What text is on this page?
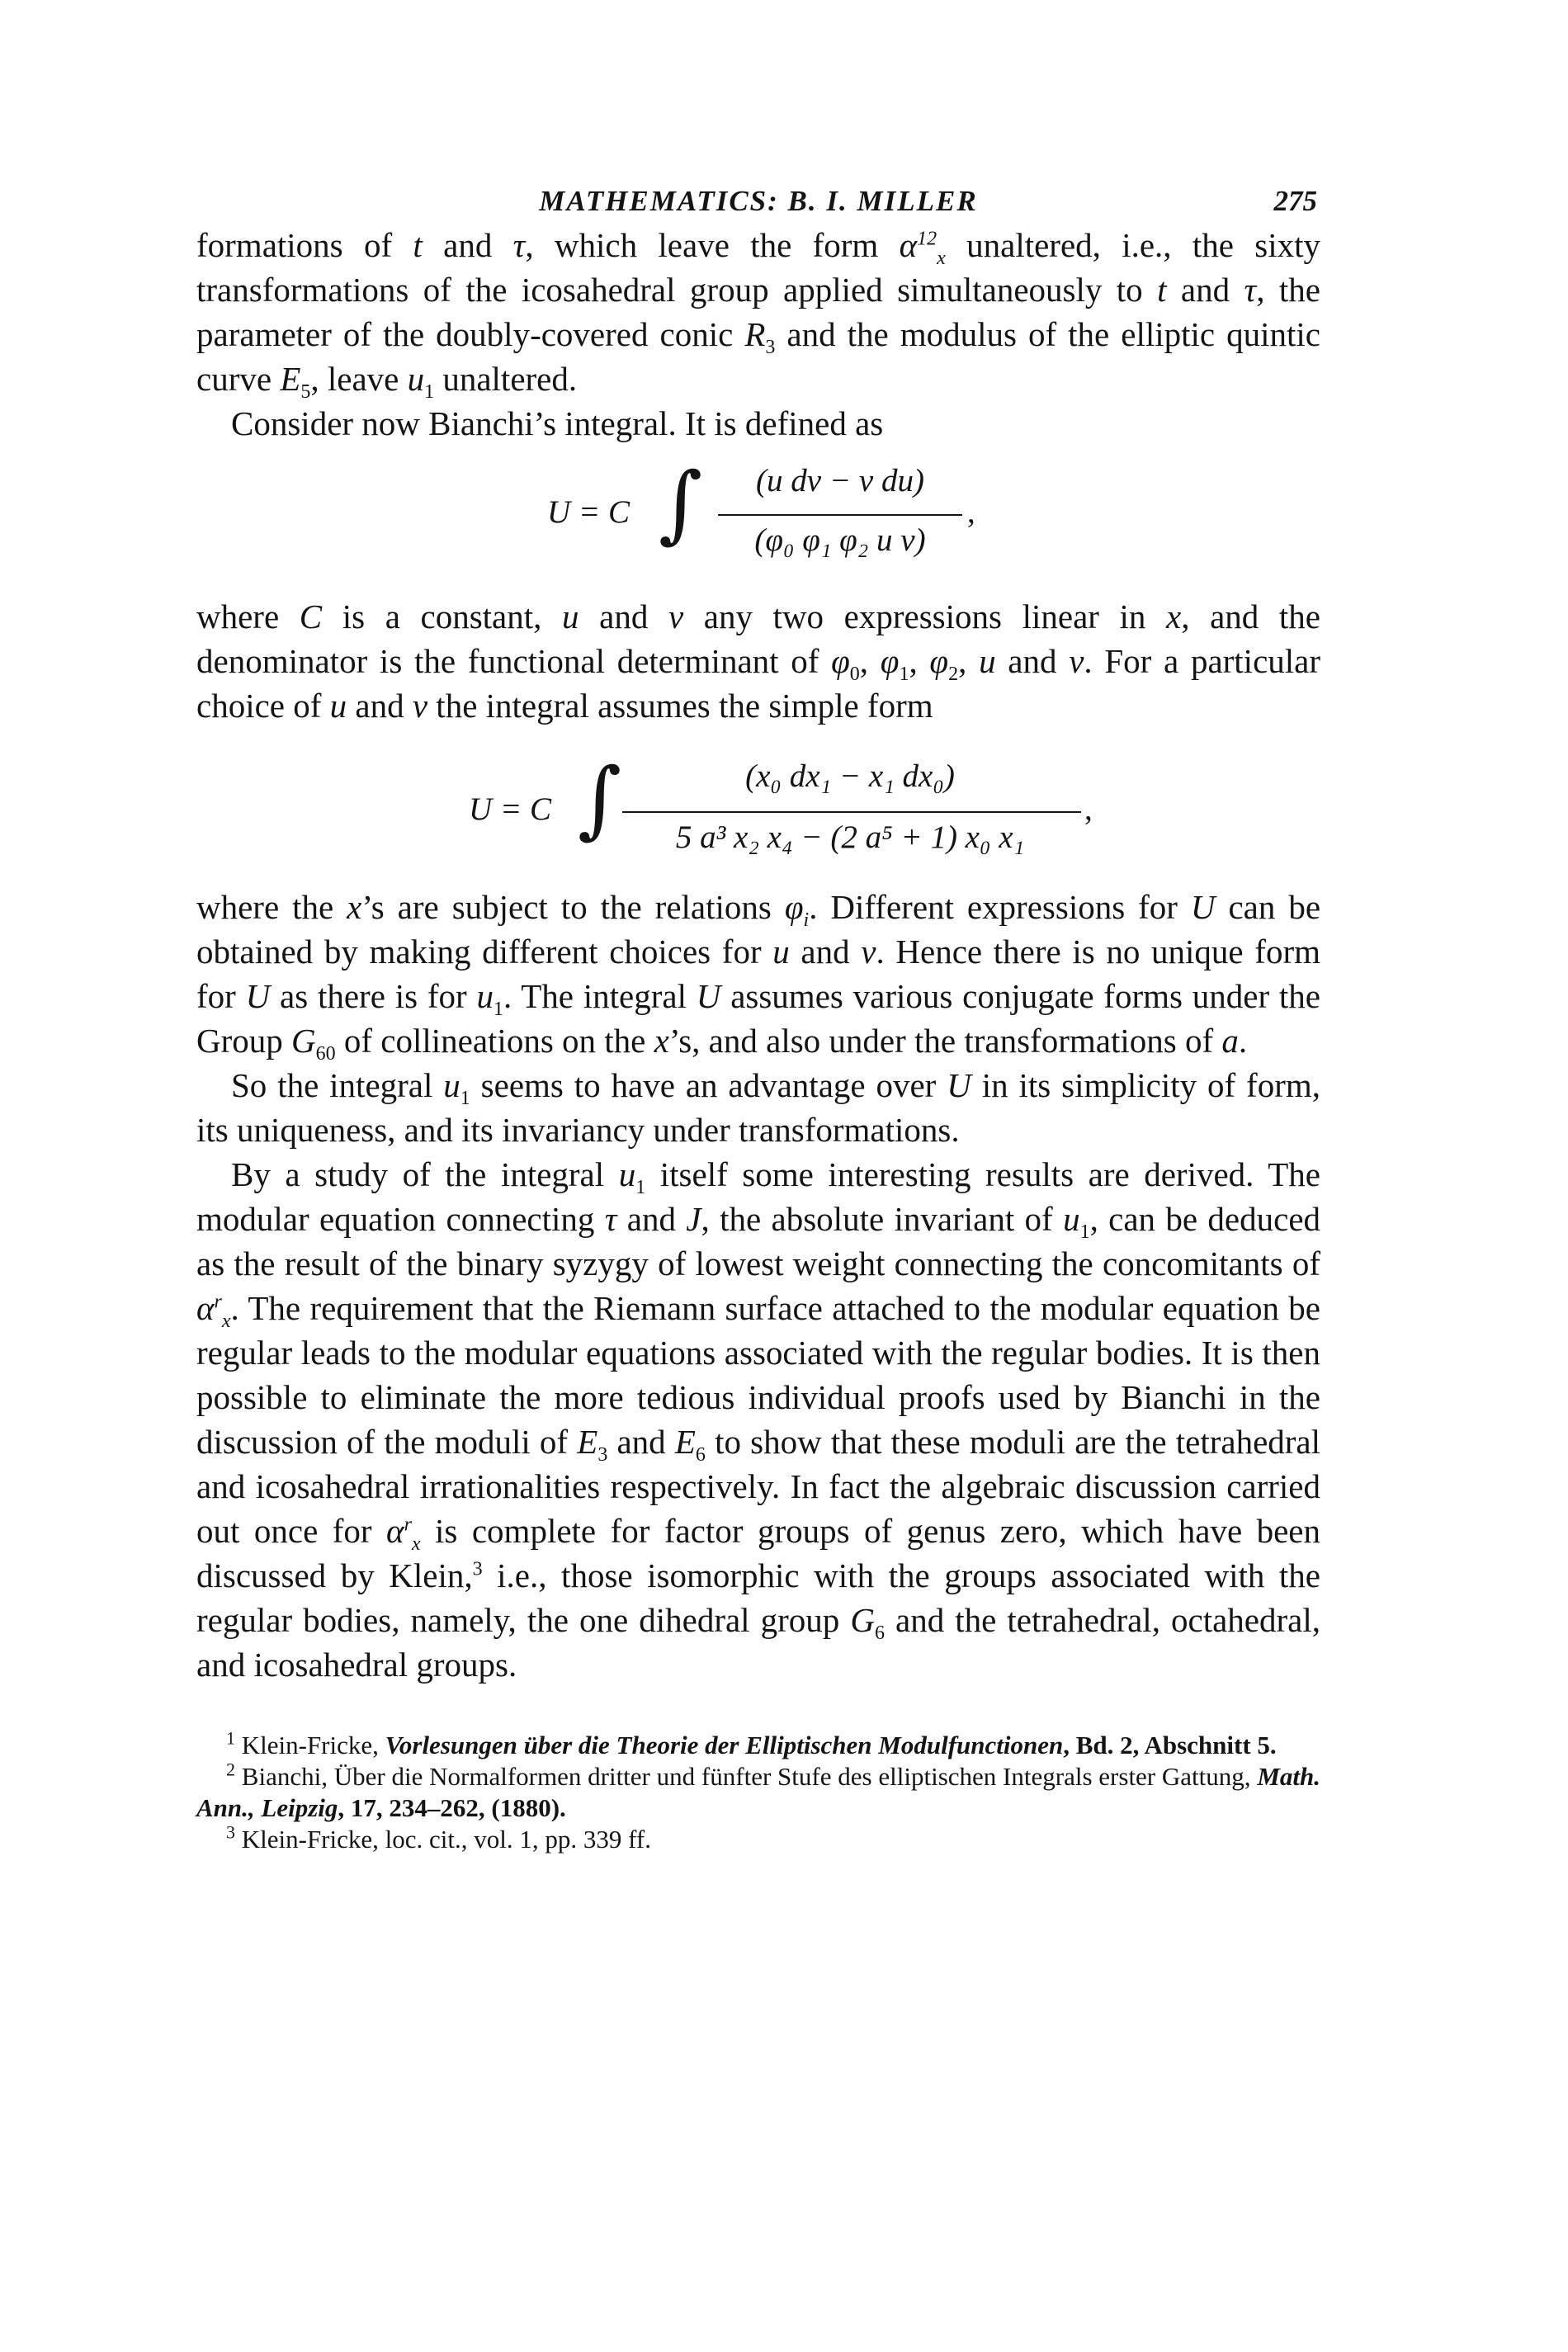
MATHEMATICS: B. I. MILLER	275

formations of t and τ, which leave the form $\alpha^{12}_x$ unaltered, i.e., the sixty transformations of the icosahedral group applied simultaneously to t and τ, the parameter of the doubly-covered conic $R_3$ and the modulus of the elliptic quintic curve $E_5$, leave $u_1$ unaltered.

Consider now Bianchi’s integral. It is defined as

U = C ∫	(u dv − v du)
(φ₀ φ₁ φ₂ u v)
,

where C is a constant, u and v any two expressions linear in x, and the denominator is the functional determinant of $\varphi_0$, $\varphi_1$, $\varphi_2$, u and v. For a particular choice of u and v the integral assumes the simple form

U = C ∫	(x₀ dx₁ − x₁ dx₀)
5 a³ x₂ x₄ − (2 a⁵ + 1) x₀ x₁
,

where the x’s are subject to the relations $\varphi_i$. Different expressions for U can be obtained by making different choices for u and v. Hence there is no unique form for U as there is for $u_1$. The integral U assumes various conjugate forms under the Group $G_{60}$ of collineations on the x’s, and also under the transformations of a.

So the integral $u_1$ seems to have an advantage over U in its simplicity of form, its uniqueness, and its invariancy under transformations.

By a study of the integral $u_1$ itself some interesting results are derived. The modular equation connecting τ and J, the absolute invariant of $u_1$, can be deduced as the result of the binary syzygy of lowest weight connecting the concomitants of $\alpha^r_x$. The requirement that the Riemann surface attached to the modular equation be regular leads to the modular equations associated with the regular bodies. It is then possible to eliminate the more tedious individual proofs used by Bianchi in the discussion of the moduli of $E_3$ and $E_6$ to show that these moduli are the tetrahedral and icosahedral irrationalities respectively. In fact the algebraic discussion carried out once for $\alpha^r_x$ is complete for factor groups of genus zero, which have been discussed by Klein,$^3$ i.e., those isomorphic with the groups associated with the regular bodies, namely, the one dihedral group $G_6$ and the tetrahedral, octahedral, and icosahedral groups.

$^1$ Klein-Fricke, Vorlesungen über die Theorie der Elliptischen Modulfunctionen, Bd. 2, Abschnitt 5.

$^2$ Bianchi, Über die Normalformen dritter und fünfter Stufe des elliptischen Integrals erster Gattung, Math. Ann., Leipzig, 17, 234–262, (1880).

$^3$ Klein-Fricke, loc. cit., vol. 1, pp. 339 ff.
